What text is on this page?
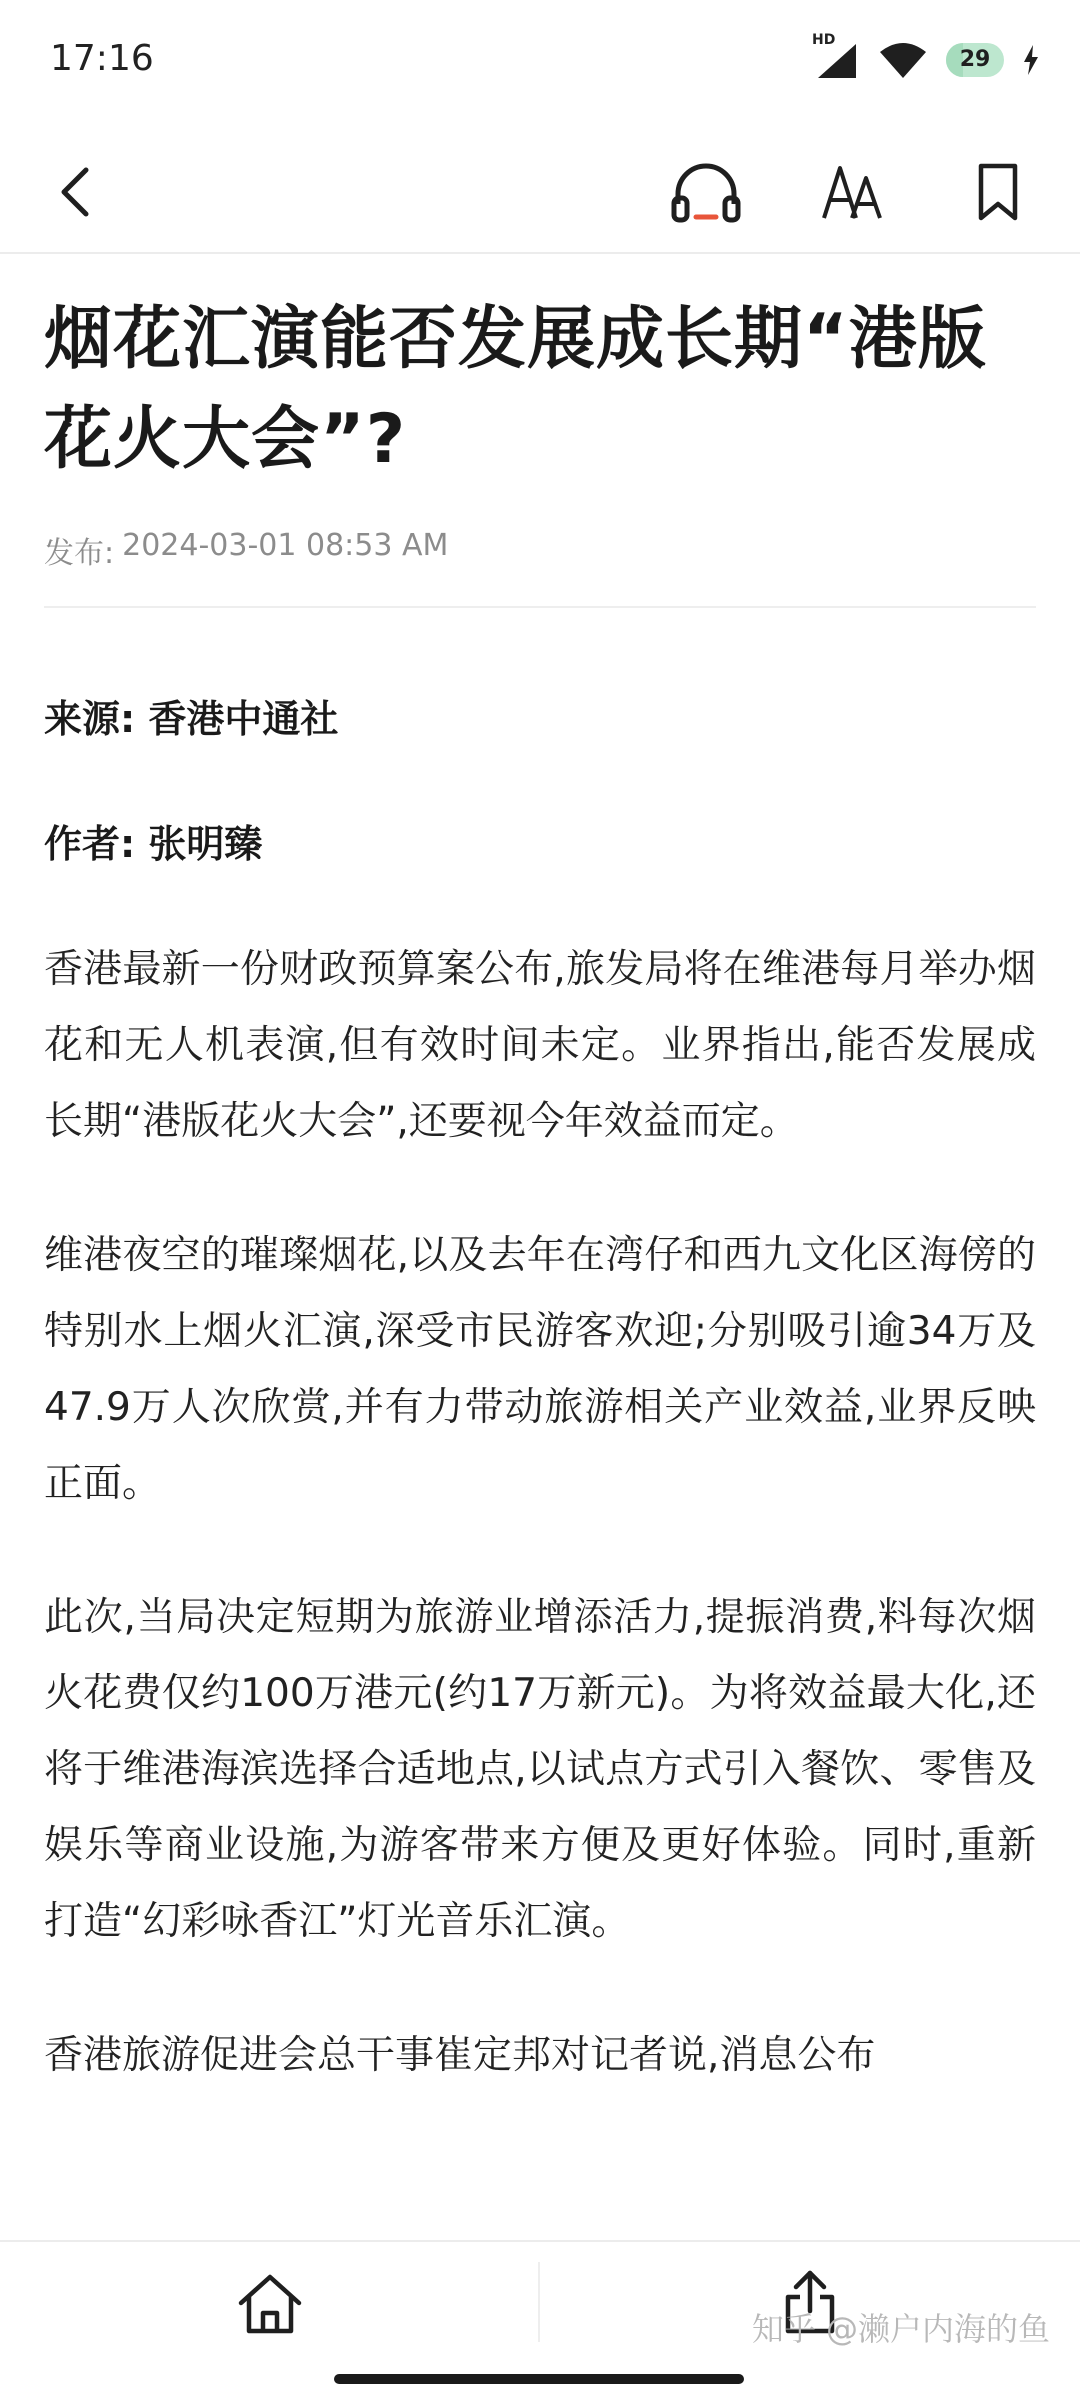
17:16	HD
29
烟花汇演能否发展成长期“港版花火大会”?
发布: 2024-03-01 08:53 AM
来源: 香港中通社
作者: 张明臻

香港最新一份财政预算案公布,旅发局将在维港每月举办烟花和无人机表演,但有效时间未定。业界指出,能否发展成长期“港版花火大会”,还要视今年效益而定。

维港夜空的璀璨烟花,以及去年在湾仔和西九文化区海傍的特别水上烟火汇演,深受市民游客欢迎;分别吸引逾34万及47.9万人次欣赏,并有力带动旅游相关产业效益,业界反映正面。

此次,当局决定短期为旅游业增添活力,提振消费,料每次烟火花费仅约100万港元(约17万新元)。为将效益最大化,还将于维港海滨选择合适地点,以试点方式引入餐饮、零售及娱乐等商业设施,为游客带来方便及更好体验。同时,重新打造“幻彩咏香江”灯光音乐汇演。

香港旅游促进会总干事崔定邦对记者说,消息公布

知乎 @濑户内海的鱼
